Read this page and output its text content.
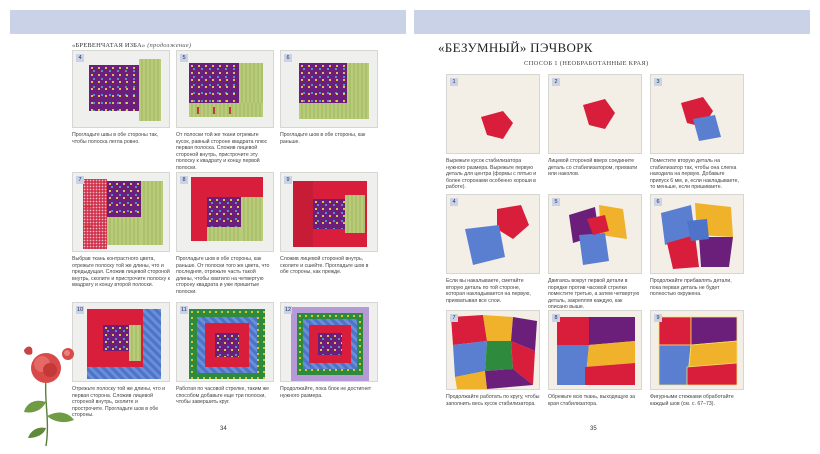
«БРЕВЕНЧАТАЯ ИЗБА» (продолжение)
4
Прогладьте швы в обе стороны так, чтобы полоска легла ровно.
5
От полоски той же ткани отрежьте кусок, равный стороне квадрата плюс первая полоска. Сложив лицевой стороной внутрь, пристрочите эту полоску к квадрату и концу первой полоски.
6
Прогладьте шов в обе стороны, как раньше.
7
Выбрав ткань контрастного цвета, отрежьте полоску той же длины, что и предыдущая. Сложив лицевой стороной внутрь, сколите и пристрочите полоску к квадрату и концу второй полоски.
8
Прогладьте шов в обе стороны, как раньше. От полоски того же цвета, что последняя, отрежьте часть такой длины, чтобы хватило на четвертую сторону квадрата и уже пришитые полоски.
9
Сложив лицевой стороной внутрь, сколите и сшейте. Прогладьте шов в обе стороны, как прежде.
10
Отрежьте полоску той же длины, что и первая сторона. Сложив лицевой стороной внутрь, сколите и прострочите. Прогладьте шов в обе стороны.
11
Работая по часовой стрелке, таким же способом добавьте еще три полоски, чтобы завершить круг.
12
Продолжайте, пока блок не достигнет нужного размера.
34
«БЕЗУМНЫЙ» ПЭЧВОРК
СПОСОБ 1 (НЕОБРАБОТАННЫЕ КРАЯ)
1
Вырежьте кусок стабилизатора нужного размера. Вырежьте первую деталь для центра (формы с пятью и более сторонами особенно хороши в работе).
2
Лицевой стороной вверх соедините деталь со стабилизатором, прихвати или наколов.
3
Поместите вторую деталь на стабилизатор так, чтобы она слегка находила на первую. Добавьте припуск 6 мм, и, если накладываете, то меньше, если пришиваете.
4
Если вы накалываете, сметайте вторую деталь по той стороне, которая накладывается на первую, прихватывая все слои.
5
Двигаясь вокруг первой детали в порядке против часовой стрелки поместите третью, а затем четвертую деталь, закрепляя каждую, как описано выше.
6
Продолжайте прибавлять детали, пока первая деталь не будет полностью окружена.
7
Продолжайте работать по кругу, чтобы заполнить весь кусок стабилизатора.
8
Обрежьте всю ткань, выходящую за края стабилизатора.
9
Фигурными стежками обработайте каждый шов (см. с. 67–73).
35
